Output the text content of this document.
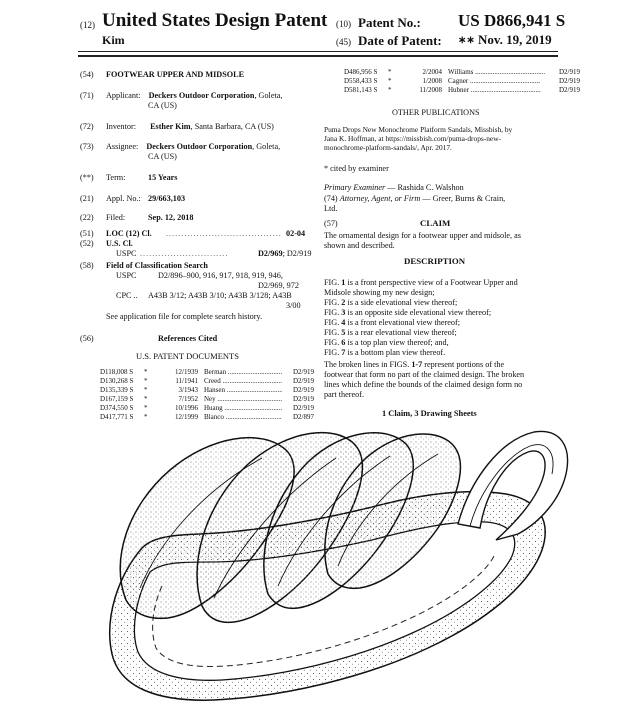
(12) United States Design Patent
Kim
(10) Patent No.: US D866,941 S
(45) Date of Patent: ∗∗ Nov. 19, 2019
(54) FOOTWEAR UPPER AND MIDSOLE
(71) Applicant: Deckers Outdoor Corporation, Goleta,
CA (US)
(72) Inventor: Esther Kim, Santa Barbara, CA (US)
(73) Assignee: Deckers Outdoor Corporation, Goleta,
CA (US)
(**) Term:	15 Years
(21) Appl. No.: 29/663,103
(22) Filed:	Sep. 12, 2018
(51) LOC (12) Cl. ...................................... 02-04
(52) U.S. Cl.
USPC .............................	D2/969; D2/919
(58) Field of Classification Search
USPC	D2/896–900, 916, 917, 918, 919, 946,
D2/969, 972
CPC .. A43B 3/12; A43B 3/10; A43B 3/128; A43B
3/00
See application file for complete search history.
(56)	References Cited
U.S. PATENT DOCUMENTS
D118,008 S	*	12/1939 Berman .....	D2/919
D130,268 S	*	11/1941 Creed .....	D2/919
D135,339 S	*	3/1943 Hansen .....	D2/919
D167,159 S	*	7/1952 Ney .....	D2/919
D374,550 S	*	10/1996 Huang .....	D2/919
D417,771 S	*	12/1999 Blanco .....	D2/897
D486,956 S	*	2/2004 Williams .....	D2/919
D558,433 S	*	1/2008 Cagner .....	D2/919
D581,143 S	*	11/2008 Hubner .....	D2/919
OTHER PUBLICATIONS
Puma Drops New Monochrome Platform Sandals, Missbish, by
Jana K. Hoffman, at https://missbish.com/puma-drops-new-
monochrome-platform-sandals/, Apr. 2017.
* cited by examiner
Primary Examiner — Rashida C. Walshon
(74) Attorney, Agent, or Firm — Greer, Burns & Crain,
Ltd.
(57)	CLAIM
The ornamental design for a footwear upper and midsole, as
shown and described.
DESCRIPTION
FIG. 1 is a front perspective view of a Footwear Upper and
Midsole showing my new design;
FIG. 2 is a side elevational view thereof;
FIG. 3 is an opposite side elevational view thereof;
FIG. 4 is a front elevational view thereof;
FIG. 5 is a rear elevational view thereof;
FIG. 6 is a top plan view thereof; and,
FIG. 7 is a bottom plan view thereof.
The broken lines in FIGS. 1-7 represent portions of the
footwear that form no part of the claimed design. The broken
lines which define the bounds of the claimed design form no
part thereof.
1 Claim, 3 Drawing Sheets
